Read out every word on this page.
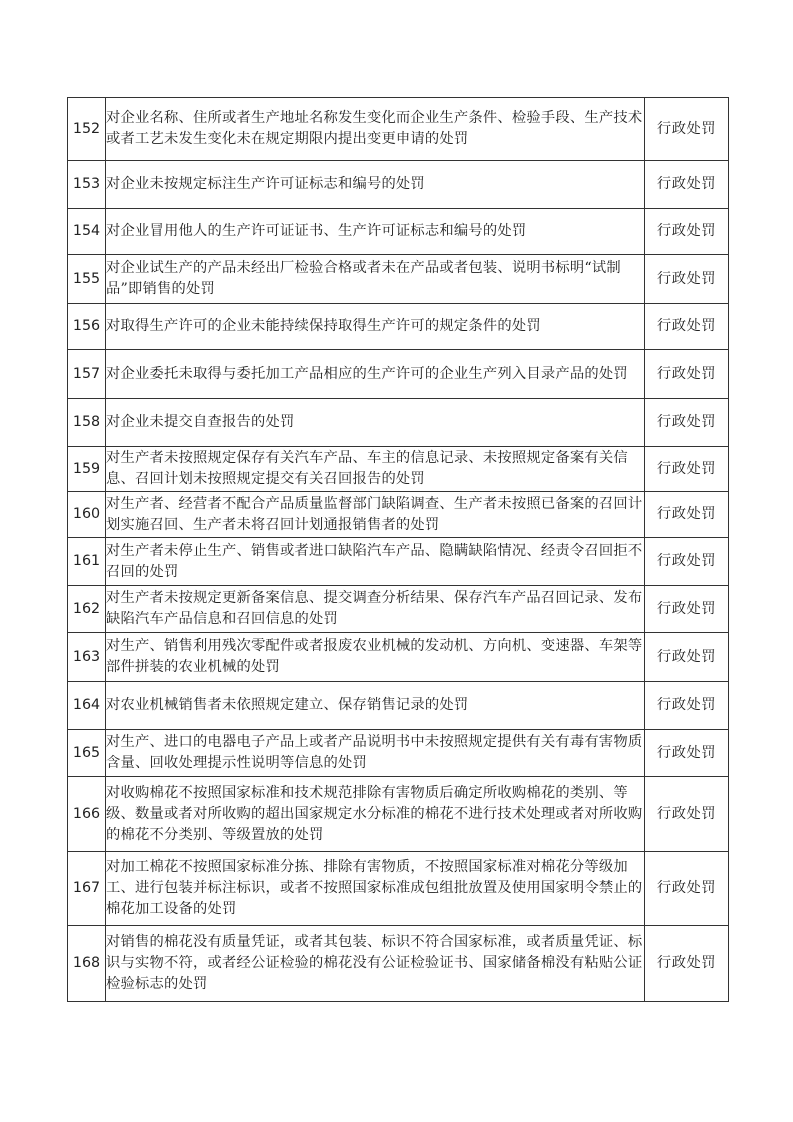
152	对企业名称、住所或者生产地址名称发生变化而企业生产条件、检验手段、生产技术或者工艺未发生变化未在规定期限内提出变更申请的处罚	行政处罚
153	对企业未按规定标注生产许可证标志和编号的处罚	行政处罚
154	对企业冒用他人的生产许可证证书、生产许可证标志和编号的处罚	行政处罚
155	对企业试生产的产品未经出厂检验合格或者未在产品或者包装、说明书标明“试制品”即销售的处罚	行政处罚
156	对取得生产许可的企业未能持续保持取得生产许可的规定条件的处罚	行政处罚
157	对企业委托未取得与委托加工产品相应的生产许可的企业生产列入目录产品的处罚	行政处罚
158	对企业未提交自查报告的处罚	行政处罚
159	对生产者未按照规定保存有关汽车产品、车主的信息记录、未按照规定备案有关信息、召回计划未按照规定提交有关召回报告的处罚	行政处罚
160	对生产者、经营者不配合产品质量监督部门缺陷调查、生产者未按照已备案的召回计划实施召回、生产者未将召回计划通报销售者的处罚	行政处罚
161	对生产者未停止生产、销售或者进口缺陷汽车产品、隐瞒缺陷情况、经责令召回拒不召回的处罚	行政处罚
162	对生产者未按规定更新备案信息、提交调查分析结果、保存汽车产品召回记录、发布缺陷汽车产品信息和召回信息的处罚	行政处罚
163	对生产、销售利用残次零配件或者报废农业机械的发动机、方向机、变速器、车架等部件拼装的农业机械的处罚	行政处罚
164	对农业机械销售者未依照规定建立、保存销售记录的处罚	行政处罚
165	对生产、进口的电器电子产品上或者产品说明书中未按照规定提供有关有毒有害物质含量、回收处理提示性说明等信息的处罚	行政处罚
166	对收购棉花不按照国家标准和技术规范排除有害物质后确定所收购棉花的类别、等级、数量或者对所收购的超出国家规定水分标准的棉花不进行技术处理或者对所收购的棉花不分类别、等级置放的处罚	行政处罚
167	对加工棉花不按照国家标准分拣、排除有害物质，不按照国家标准对棉花分等级加工、进行包装并标注标识，或者不按照国家标准成包组批放置及使用国家明令禁止的棉花加工设备的处罚	行政处罚
168	对销售的棉花没有质量凭证，或者其包装、标识不符合国家标准，或者质量凭证、标识与实物不符，或者经公证检验的棉花没有公证检验证书、国家储备棉没有粘贴公证检验标志的处罚	行政处罚
